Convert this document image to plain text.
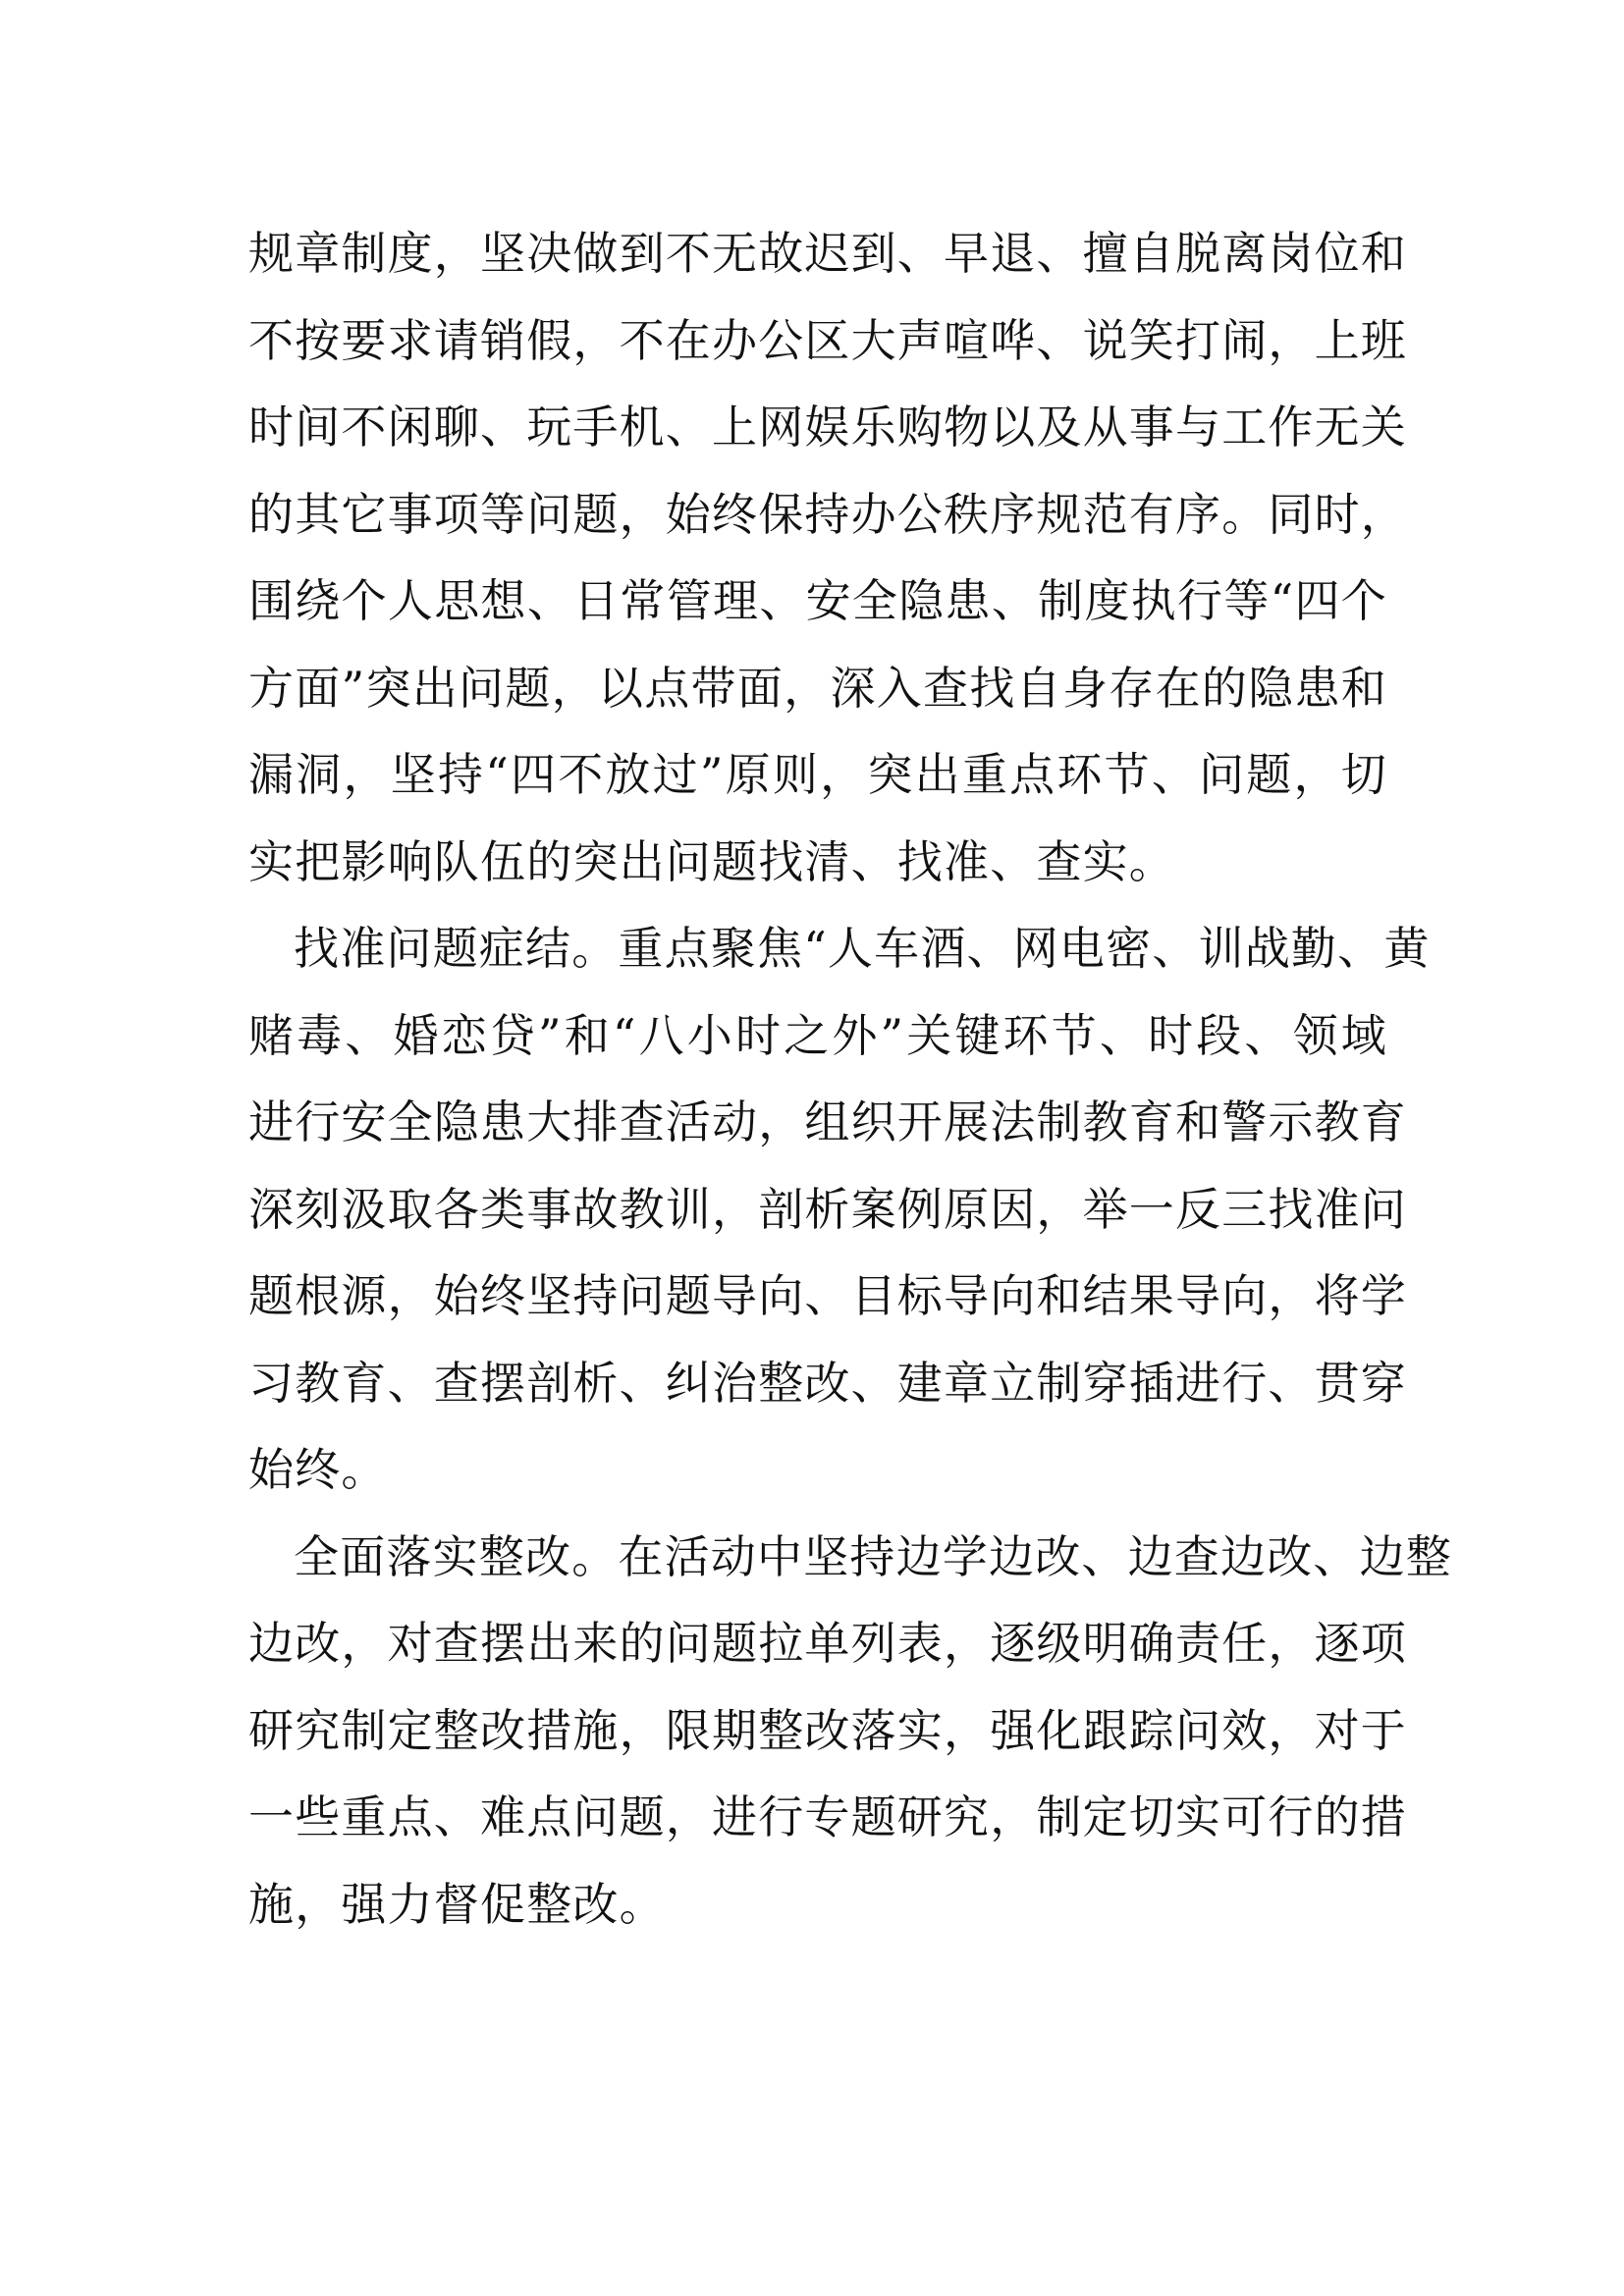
规章制度，坚决做到不无故迟到、早退、擅自脱离岗位和
不按要求请销假，不在办公区大声喧哗、说笑打闹，上班
时间不闲聊、玩手机、上网娱乐购物以及从事与工作无关
的其它事项等问题，始终保持办公秩序规范有序。同时，
围绕个人思想、日常管理、安全隐患、制度执行等“四个
方面”突出问题，以点带面，深入查找自身存在的隐患和
漏洞，坚持“四不放过”原则，突出重点环节、问题，切
实把影响队伍的突出问题找清、找准、查实。
找准问题症结。重点聚焦“人车酒、网电密、训战勤、黄
赌毒、婚恋贷”和“八小时之外”关键环节、时段、领域
进行安全隐患大排查活动，组织开展法制教育和警示教育
深刻汲取各类事故教训，剖析案例原因，举一反三找准问
题根源，始终坚持问题导向、目标导向和结果导向，将学
习教育、查摆剖析、纠治整改、建章立制穿插进行、贯穿
始终。
全面落实整改。在活动中坚持边学边改、边查边改、边整
边改，对查摆出来的问题拉单列表，逐级明确责任，逐项
研究制定整改措施，限期整改落实，强化跟踪问效，对于
一些重点、难点问题，进行专题研究，制定切实可行的措
施，强力督促整改。
